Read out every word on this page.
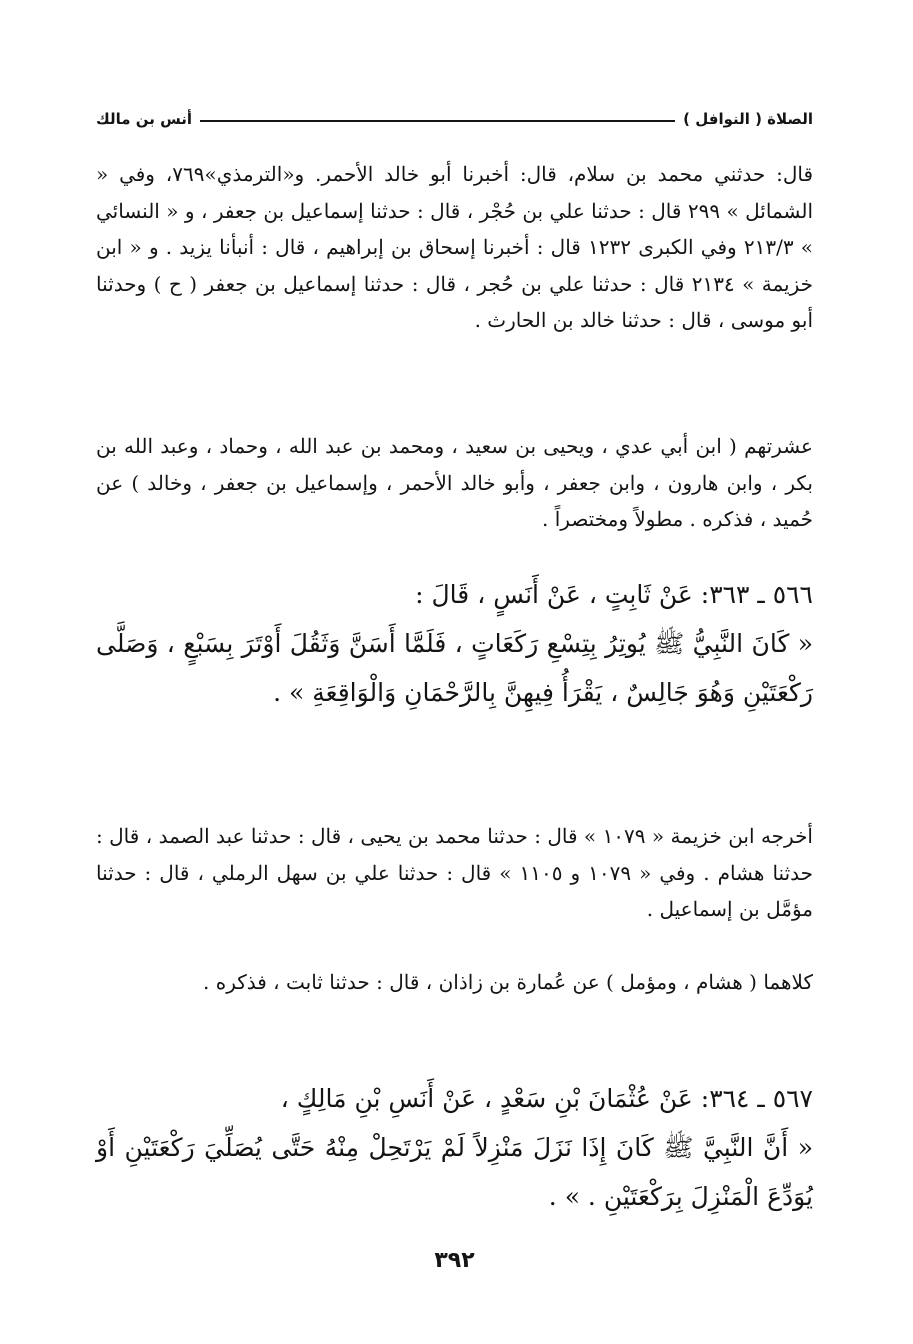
الصلاة ( النوافل )
أنس بن مالك

قال: حدثني محمد بن سلام، قال: أخبرنا أبو خالد الأحمر. و«الترمذي»٧٦٩، وفي « الشمائل » ٢٩٩ قال : حدثنا علي بن حُجْر ، قال : حدثنا إسماعيل بن جعفر ، و « النسائي » ٢١٣/٣ وفي الكبرى ١٢٣٢ قال : أخبرنا إسحاق بن إبراهيم ، قال : أنبأنا يزيد . و « ابن خزيمة » ٢١٣٤ قال : حدثنا علي بن حُجر ، قال : حدثنا إسماعيل بن جعفر ( ح ) وحدثنا أبو موسى ، قال : حدثنا خالد بن الحارث .

عشرتهم ( ابن أبي عدي ، ويحيى بن سعيد ، ومحمد بن عبد الله ، وحماد ، وعبد الله بن بكر ، وابن هارون ، وابن جعفر ، وأبو خالد الأحمر ، وإسماعيل بن جعفر ، وخالد ) عن حُميد ، فذكره . مطولاً ومختصراً .

٥٦٦ ـ ٣٦٣: عَنْ ثَابِتٍ ، عَنْ أَنَسٍ ، قَالَ :
« كَانَ النَّبِيُّ ﷺ يُوتِرُ بِتِسْعِ رَكَعَاتٍ ، فَلَمَّا أَسَنَّ وَثَقُلَ أَوْتَرَ بِسَبْعٍ ، وَصَلَّى رَكْعَتَيْنِ وَهُوَ جَالِسٌ ، يَقْرَأُ فِيهِنَّ بِالرَّحْمَانِ وَالْوَاقِعَةِ » .

أخرجه ابن خزيمة « ١٠٧٩ » قال : حدثنا محمد بن يحيى ، قال : حدثنا عبد الصمد ، قال : حدثنا هشام . وفي « ١٠٧٩ و ١١٠٥ » قال : حدثنا علي بن سهل الرملي ، قال : حدثنا مؤمَّل بن إسماعيل .

كلاهما ( هشام ، ومؤمل ) عن عُمارة بن زاذان ، قال : حدثنا ثابت ، فذكره .

٥٦٧ ـ ٣٦٤: عَنْ عُثْمَانَ بْنِ سَعْدٍ ، عَنْ أَنَسِ بْنِ مَالِكٍ ،
« أَنَّ النَّبِيَّ ﷺ كَانَ إِذَا نَزَلَ مَنْزِلاً لَمْ يَرْتَحِلْ مِنْهُ حَتَّى يُصَلِّيَ رَكْعَتَيْنِ أَوْ يُوَدِّعَ الْمَنْزِلَ بِرَكْعَتَيْنِ . » .
٣٩٢
